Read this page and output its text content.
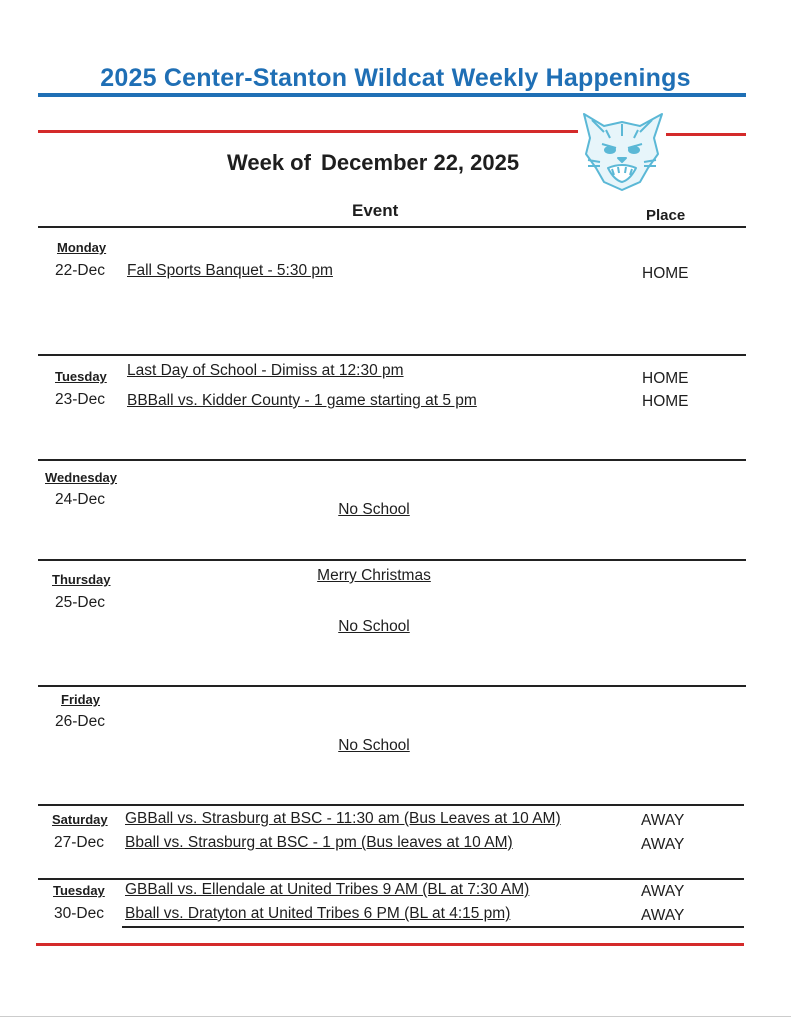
2025 Center-Stanton Wildcat Weekly Happenings
Week of December 22, 2025
Event	Place
Monday
22-Dec Fall Sports Banquet - 5:30 pm	HOME
Tuesday
23-Dec
Last Day of School - Dimiss at 12:30 pm	HOME
BBBall vs. Kidder County - 1 game starting at 5 pm	HOME
Wednesday
24-Dec
No School
Thursday
25-Dec
Merry Christmas
No School
Friday
26-Dec
No School
Saturday
27-Dec
GBBall vs. Strasburg at BSC - 11:30 am (Bus Leaves at 10 AM)	AWAY
Bball vs. Strasburg at BSC - 1 pm (Bus leaves at 10 AM)	AWAY
Tuesday
30-Dec
GBBall vs. Ellendale at United Tribes 9 AM (BL at 7:30 AM)	AWAY
Bball vs. Dratyton at United Tribes 6 PM (BL at 4:15 pm)	AWAY
